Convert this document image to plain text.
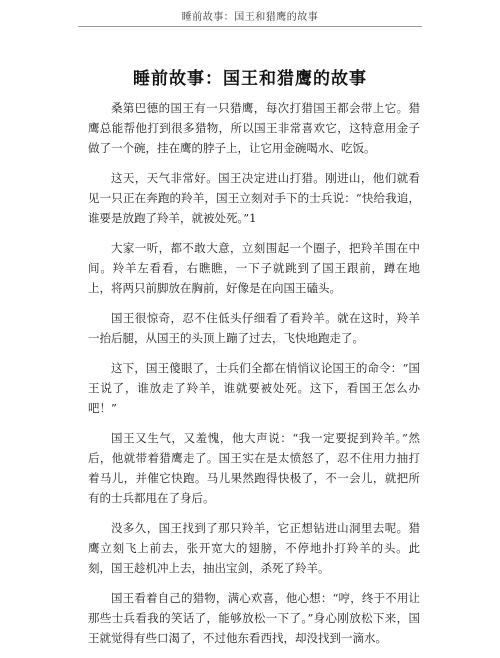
睡前故事：国王和猎鹰的故事
睡前故事：国王和猎鹰的故事

桑第巴德的国王有一只猎鹰，每次打猎国王都会带上它。猎鹰总能帮他打到很多猎物，所以国王非常喜欢它，这特意用金子做了一个碗，挂在鹰的脖子上，让它用金碗喝水、吃饭。

这天，天气非常好。国王决定进山打猎。刚进山，他们就看见一只正在奔跑的羚羊，国王立刻对手下的士兵说：“快给我追，谁要是放跑了羚羊，就被处死。”1

大家一听，都不敢大意，立刻围起一个圈子，把羚羊围在中间。羚羊左看看，右瞧瞧，一下子就跳到了国王跟前，蹲在地上，将两只前脚放在胸前，好像是在向国王磕头。

国王很惊奇，忍不住低头仔细看了看羚羊。就在这时，羚羊一抬后腿，从国王的头顶上蹦了过去，飞快地跑走了。

这下，国王傻眼了，士兵们全都在悄悄议论国王的命令：“国王说了，谁放走了羚羊，谁就要被处死。这下，看国王怎么办吧！”

国王又生气，又羞愧，他大声说：“我一定要捉到羚羊。”然后，他就带着猎鹰走了。国王实在是太愤怒了，忍不住用力抽打着马儿，并催它快跑。马儿果然跑得快极了，不一会儿，就把所有的士兵都甩在了身后。

没多久，国王找到了那只羚羊，它正想钻进山洞里去呢。猎鹰立刻飞上前去，张开宽大的翅膀，不停地扑打羚羊的头。此刻，国王趁机冲上去，抽出宝剑，杀死了羚羊。

国王看着自己的猎物，满心欢喜，他心想：“哼，终于不用让那些士兵看我的笑话了，能够放松一下了。”身心刚放松下来，国王就觉得有些口渴了，不过他东看西找，却没找到一滴水。
